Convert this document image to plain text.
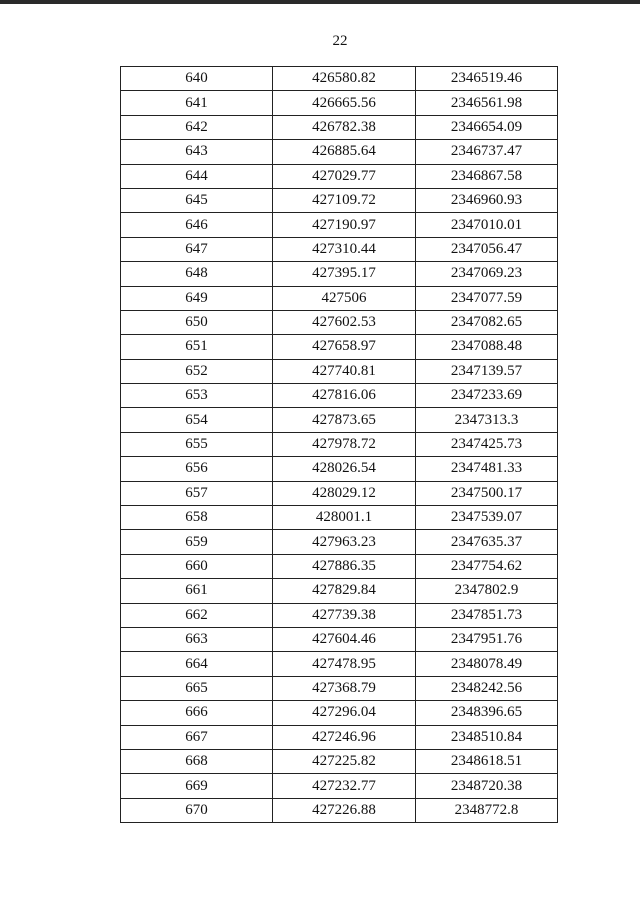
22
640	426580.82	2346519.46
641	426665.56	2346561.98
642	426782.38	2346654.09
643	426885.64	2346737.47
644	427029.77	2346867.58
645	427109.72	2346960.93
646	427190.97	2347010.01
647	427310.44	2347056.47
648	427395.17	2347069.23
649	427506	2347077.59
650	427602.53	2347082.65
651	427658.97	2347088.48
652	427740.81	2347139.57
653	427816.06	2347233.69
654	427873.65	2347313.3
655	427978.72	2347425.73
656	428026.54	2347481.33
657	428029.12	2347500.17
658	428001.1	2347539.07
659	427963.23	2347635.37
660	427886.35	2347754.62
661	427829.84	2347802.9
662	427739.38	2347851.73
663	427604.46	2347951.76
664	427478.95	2348078.49
665	427368.79	2348242.56
666	427296.04	2348396.65
667	427246.96	2348510.84
668	427225.82	2348618.51
669	427232.77	2348720.38
670	427226.88	2348772.8
